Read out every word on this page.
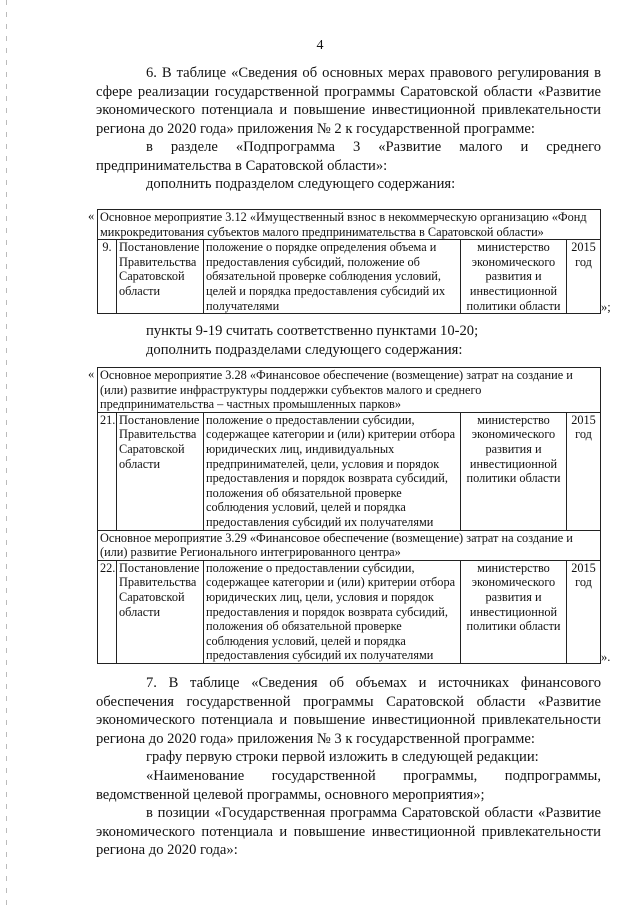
4

6. В таблице «Сведения об основных мерах правового регулирования в сфере реализации государственной программы Саратовской области «Развитие экономического потенциала и повышение инвестиционной привлекательности региона до 2020 года» приложения № 2 к государственной программе:

в разделе «Подпрограмма 3 «Развитие малого и среднего предпринимательства в Саратовской области»:

дополнить подразделом следующего содержания:

« Основное мероприятие 3.12 «Имущественный взнос в некоммерческую организацию «Фонд микрокредитования субъектов малого предпринимательства в Саратовской области»
9.	Постановление Правительства Саратовской области	положение о порядке определения объема и предоставления субсидий, положение об обязательной проверке соблюдения условий, целей и порядка предоставления субсидий их получателями	министерство экономического развития и инвестиционной политики области	2015 год
»;

пункты 9-19 считать соответственно пунктами 10-20;

дополнить подразделами следующего содержания:

« Основное мероприятие 3.28 «Финансовое обеспечение (возмещение) затрат на создание и (или) развитие инфраструктуры поддержки субъектов малого и среднего предпринимательства – частных промышленных парков»				
21.	Постановление Правительства Саратовской области	положение о предоставлении субсидии, содержащее категории и (или) критерии отбора юридических лиц, индивидуальных предпринимателей, цели, условия и порядок предоставления и порядок возврата субсидий, положения об обязательной проверке соблюдения условий, целей и порядка предоставления субсидий их получателями	министерство экономического развития и инвестиционной политики области	2015 год
Основное мероприятие 3.29 «Финансовое обеспечение (возмещение) затрат на создание и (или) развитие Регионального интегрированного центра»				
22.	Постановление Правительства Саратовской области	положение о предоставлении субсидии, содержащее категории и (или) критерии отбора юридических лиц, цели, условия и порядок предоставления и порядок возврата субсидий, положения об обязательной проверке соблюдения условий, целей и порядка предоставления субсидий их получателями	министерство экономического развития и инвестиционной политики области	2015 год
».

7. В таблице «Сведения об объемах и источниках финансового обеспечения государственной программы Саратовской области «Развитие экономического потенциала и повышение инвестиционной привлекательности региона до 2020 года» приложения № 3 к государственной программе:

графу первую строки первой изложить в следующей редакции:

«Наименование государственной программы, подпрограммы, ведомственной целевой программы, основного мероприятия»;

в позиции «Государственная программа Саратовской области «Развитие экономического потенциала и повышение инвестиционной привлекательности региона до 2020 года»:
